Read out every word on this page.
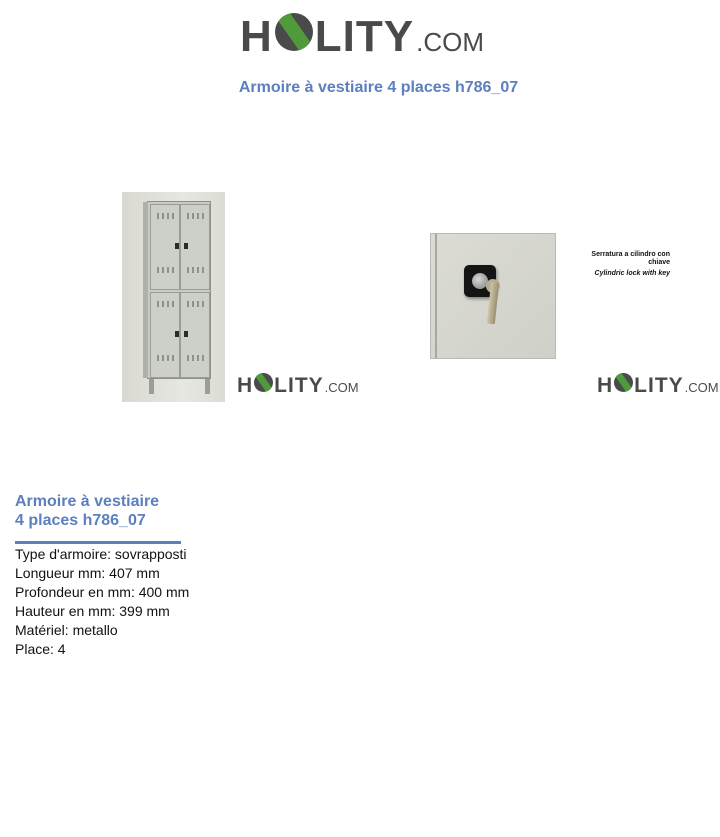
H LITY .COM
Armoire à vestiaire 4 places h786_07
H LITY .COM
Serratura a cilindro con chiave
Cylindric lock with key
H LITY .COM
Armoire à vestiaire
4 places h786_07
Type d'armoire: sovrapposti
Longueur mm: 407 mm
Profondeur en mm: 400 mm
Hauteur en mm: 399 mm
Matériel: metallo
Place: 4
